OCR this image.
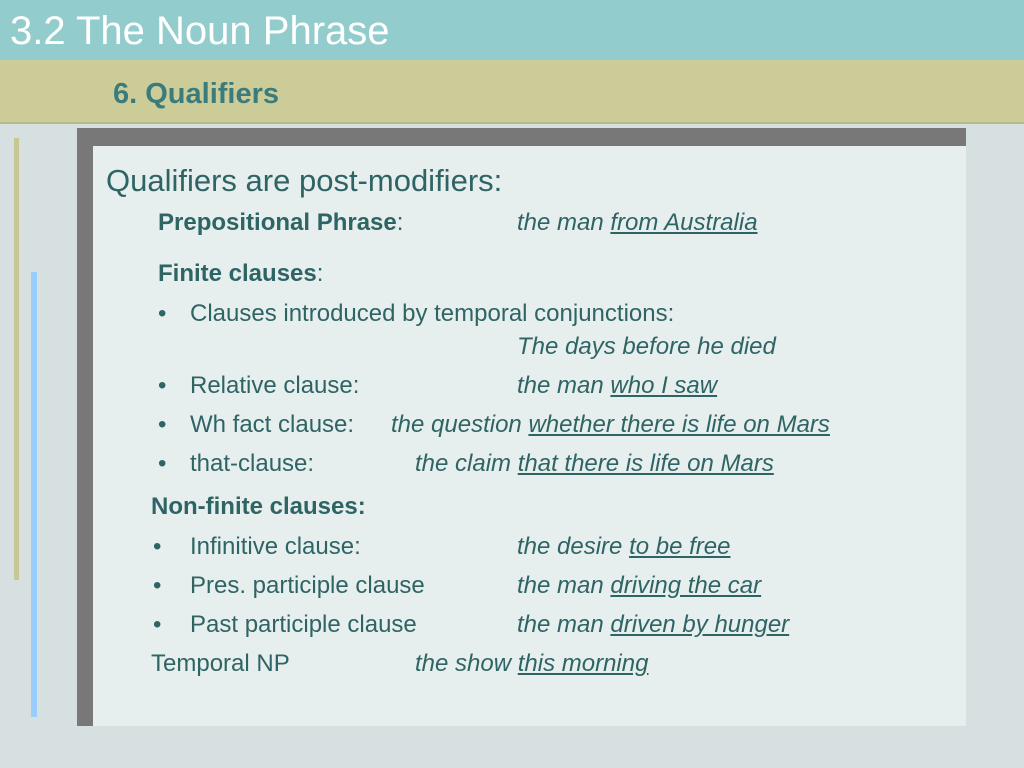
3.2 The Noun Phrase
6. Qualifiers
Qualifiers are post-modifiers:
Prepositional Phrase:	the man from Australia
Finite clauses:
• Clauses introduced by temporal conjunctions:
The days before he died
• Relative clause:	the man who I saw
• Wh fact clause: the question whether there is life on Mars
• that-clause:	the claim that there is life on Mars
Non-finite clauses:
• Infinitive clause:	the desire to be free
• Pres. participle clause	the man driving the car
• Past participle clause	the man driven by hunger
Temporal NP	the show this morning
